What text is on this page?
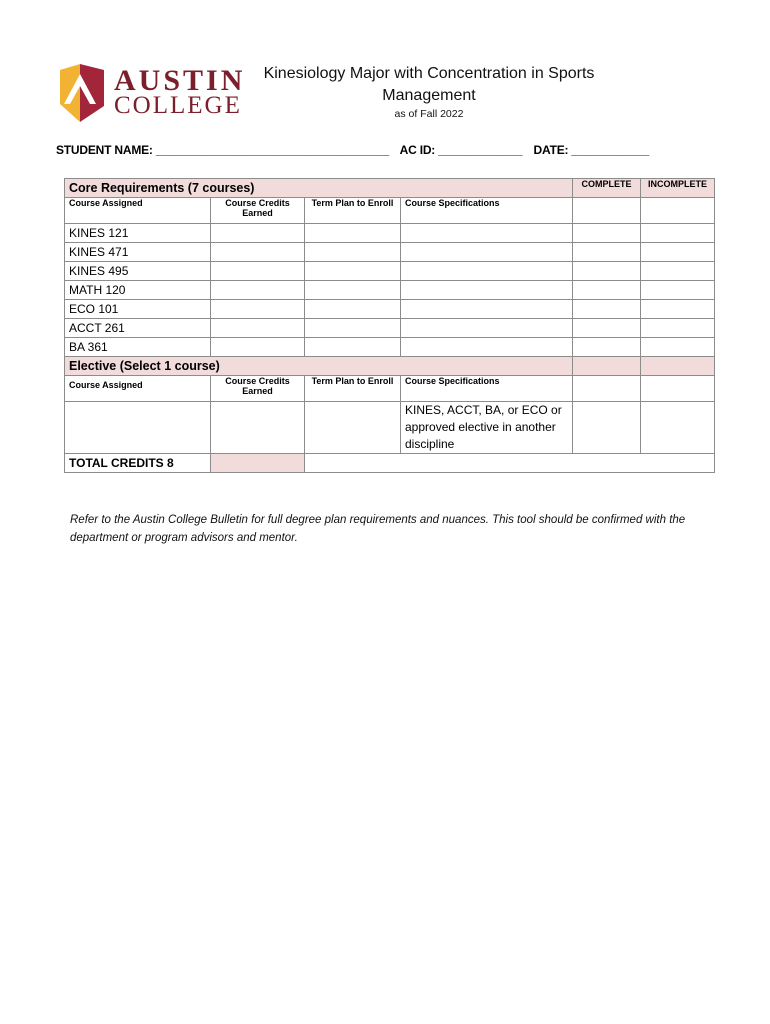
AUSTIN
COLLEGE
Kinesiology Major with Concentration in Sports
Management
as of Fall 2022
STUDENT NAME: ____________________________________ AC ID: _____________ DATE: ____________
Core Requirements (7 courses)				COMPLETE	INCOMPLETE
Course Assigned	Course Credits Earned	Term Plan to Enroll	Course Specifications		
KINES 121					
KINES 471					
KINES 495					
MATH 120					
ECO 101					
ACCT 261					
BA 361					
Elective (Select 1 course)					
Course Assigned	Course Credits Earned	Term Plan to Enroll	Course Specifications		
			KINES, ACCT, BA, or ECO or approved elective in another discipline		
TOTAL CREDITS 8					
Refer to the Austin College Bulletin for full degree plan requirements and nuances. This tool should be confirmed with the department or program advisors and mentor.
